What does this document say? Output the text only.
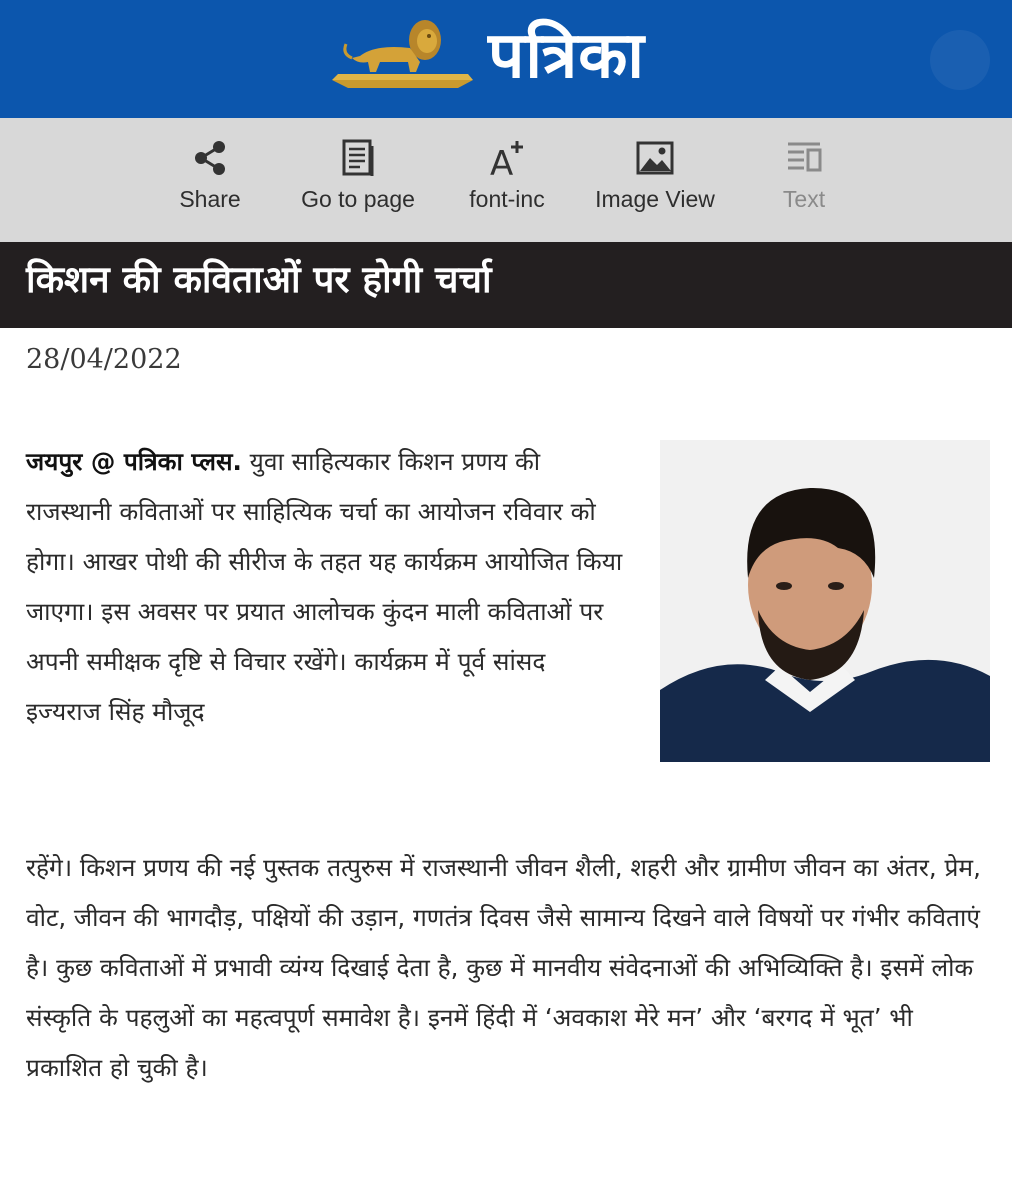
पत्रिका
Share	Go to page
A
font-inc	Image View	Text
किशन की कविताओं पर होगी चर्चा
28/04/2022

जयपुर @ पत्रिका प्लस. युवा साहित्यकार किशन प्रणय की राजस्थानी कविताओं पर साहित्यिक चर्चा का आयोजन रविवार को होगा। आखर पोथी की सीरीज के तहत यह कार्यक्रम आयोजित किया जाएगा। इस अवसर पर प्रयात आलोचक कुंदन माली कविताओं पर अपनी समीक्षक दृष्टि से विचार रखेंगे। कार्यक्रम में पूर्व सांसद इज्यराज सिंह मौजूद

रहेंगे। किशन प्रणय की नई पुस्तक तत्पुरुस में राजस्थानी जीवन शैली, शहरी और ग्रामीण जीवन का अंतर, प्रेम, वोट, जीवन की भागदौड़, पक्षियों की उड़ान, गणतंत्र दिवस जैसे सामान्य दिखने वाले विषयों पर गंभीर कविताएं है। कुछ कविताओं में प्रभावी व्यंग्य दिखाई देता है, कुछ में मानवीय संवेदनाओं की अभिव्यिक्ति है। इसमें लोक संस्कृति के पहलुओं का महत्वपूर्ण समावेश है। इनमें हिंदी में ‘अवकाश मेरे मन’ और ‘बरगद में भूत’ भी प्रकाशित हो चुकी है।
